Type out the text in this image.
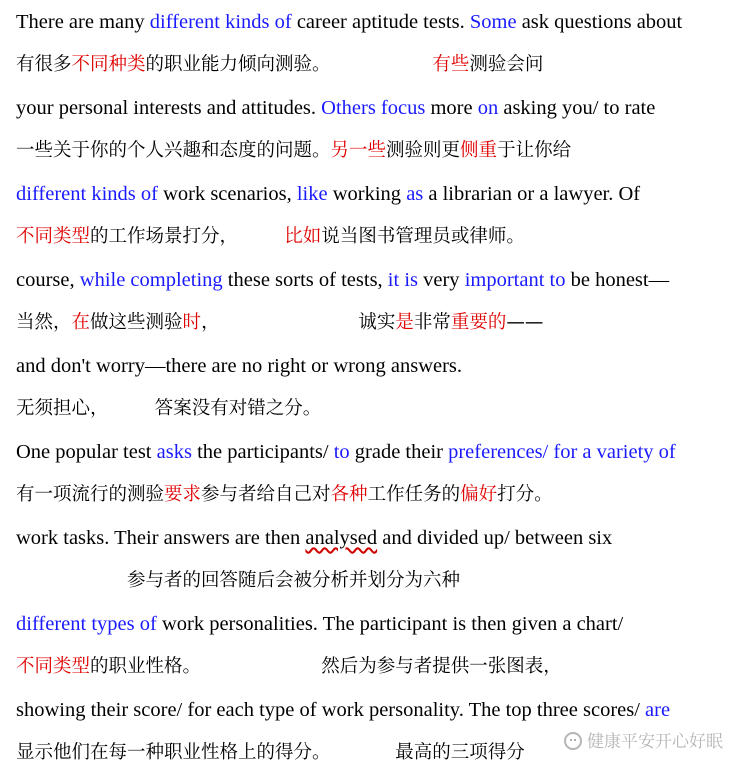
There are many different kinds of career aptitude tests. Some ask questions about
有很多不同种类的职业能力倾向测验。　　　　　　	有些测验会问
your personal interests and attitudes. Others focus more on asking you/ to rate
一些关于你的个人兴趣和态度的问题。另一些测验则更侧重于让你给
different kinds of work scenarios, like working as a librarian or a lawyer. Of
不同类型的工作场景打分，　　　	比如说当图书管理员或律师。
course, while completing these sorts of tests, it is very important to be honest—
当然，在做这些测验时，　　　　　　　　	诚实是非常重要的——
and don't worry—there are no right or wrong answers.
无须担心，　　　	答案没有对错之分。
One popular test asks the participants/ to grade their preferences/ for a variety of
有一项流行的测验要求参与者给自己对各种工作任务的偏好打分。
work tasks. Their answers are then analysed and divided up/ between six
　　　　　　参与者的回答随后会被分析并划分为六种
different types of work personalities. The participant is then given a chart/
不同类型的职业性格。　　　　　　　	然后为参与者提供一张图表，
showing their score/ for each type of work personality. The top three scores/ are
显示他们在每一种职业性格上的得分。　　　　	最高的三项得分	健康平安开心好眠
